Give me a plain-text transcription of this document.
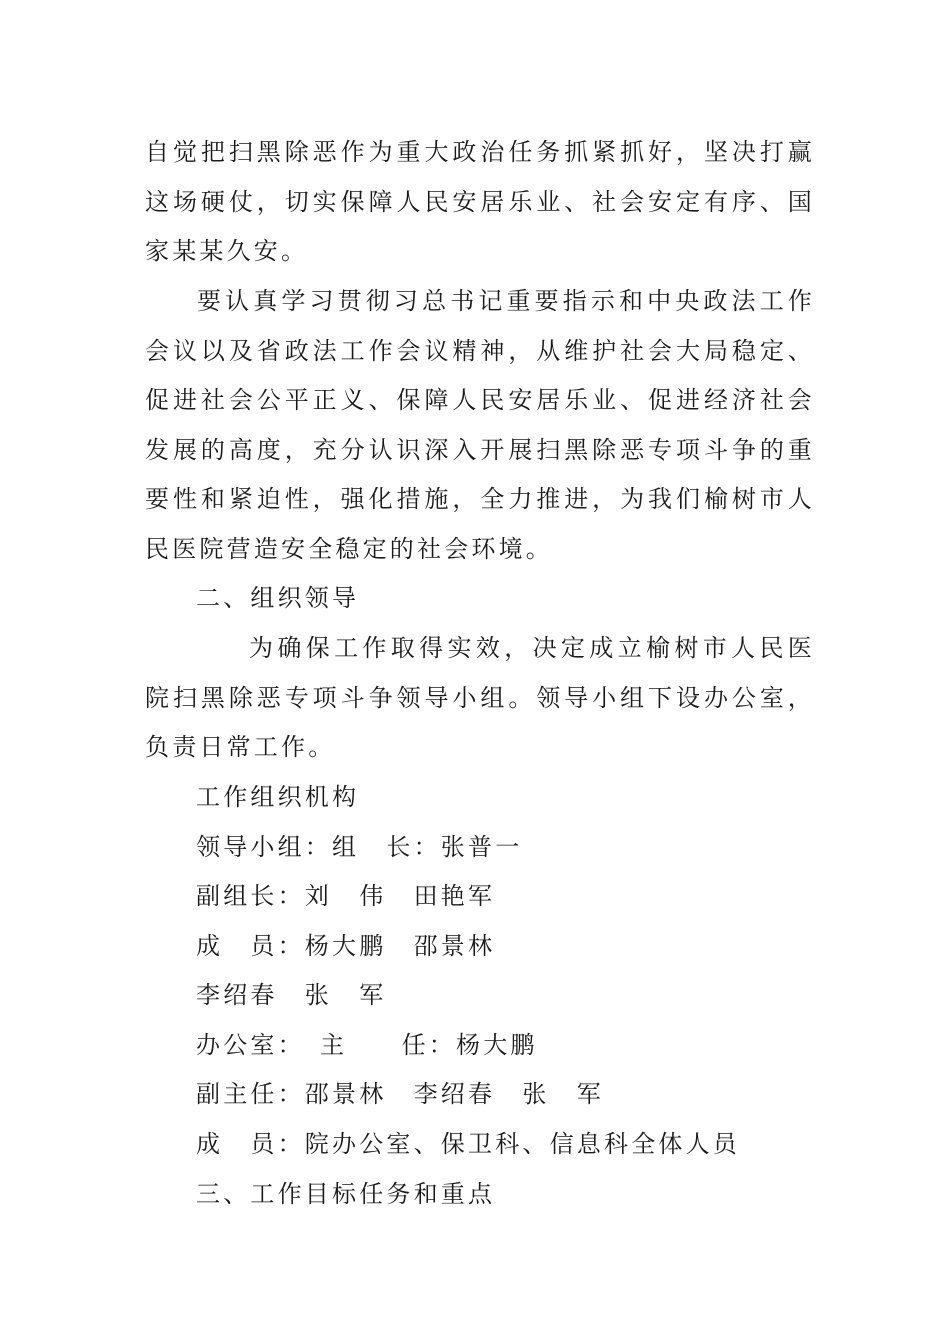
自觉把扫黑除恶作为重大政治任务抓紧抓好，坚决打赢这场硬仗，切实保障人民安居乐业、社会安定有序、国家某某久安。

要认真学习贯彻习总书记重要指示和中央政法工作会议以及省政法工作会议精神，从维护社会大局稳定、促进社会公平正义、保障人民安居乐业、促进经济社会发展的高度，充分认识深入开展扫黑除恶专项斗争的重要性和紧迫性，强化措施，全力推进，为我们榆树市人民医院营造安全稳定的社会环境。

二、组织领导

为确保工作取得实效，决定成立榆树市人民医院扫黑除恶专项斗争领导小组。领导小组下设办公室，负责日常工作。

工作组织机构

领导小组：组　长：张普一

副组长：刘　伟　田艳军

成　员：杨大鹏　邵景林

李绍春　张　军

办公室：　主　　任：杨大鹏

副主任：邵景林　李绍春　张　军

成　员：院办公室、保卫科、信息科全体人员

三、工作目标任务和重点
